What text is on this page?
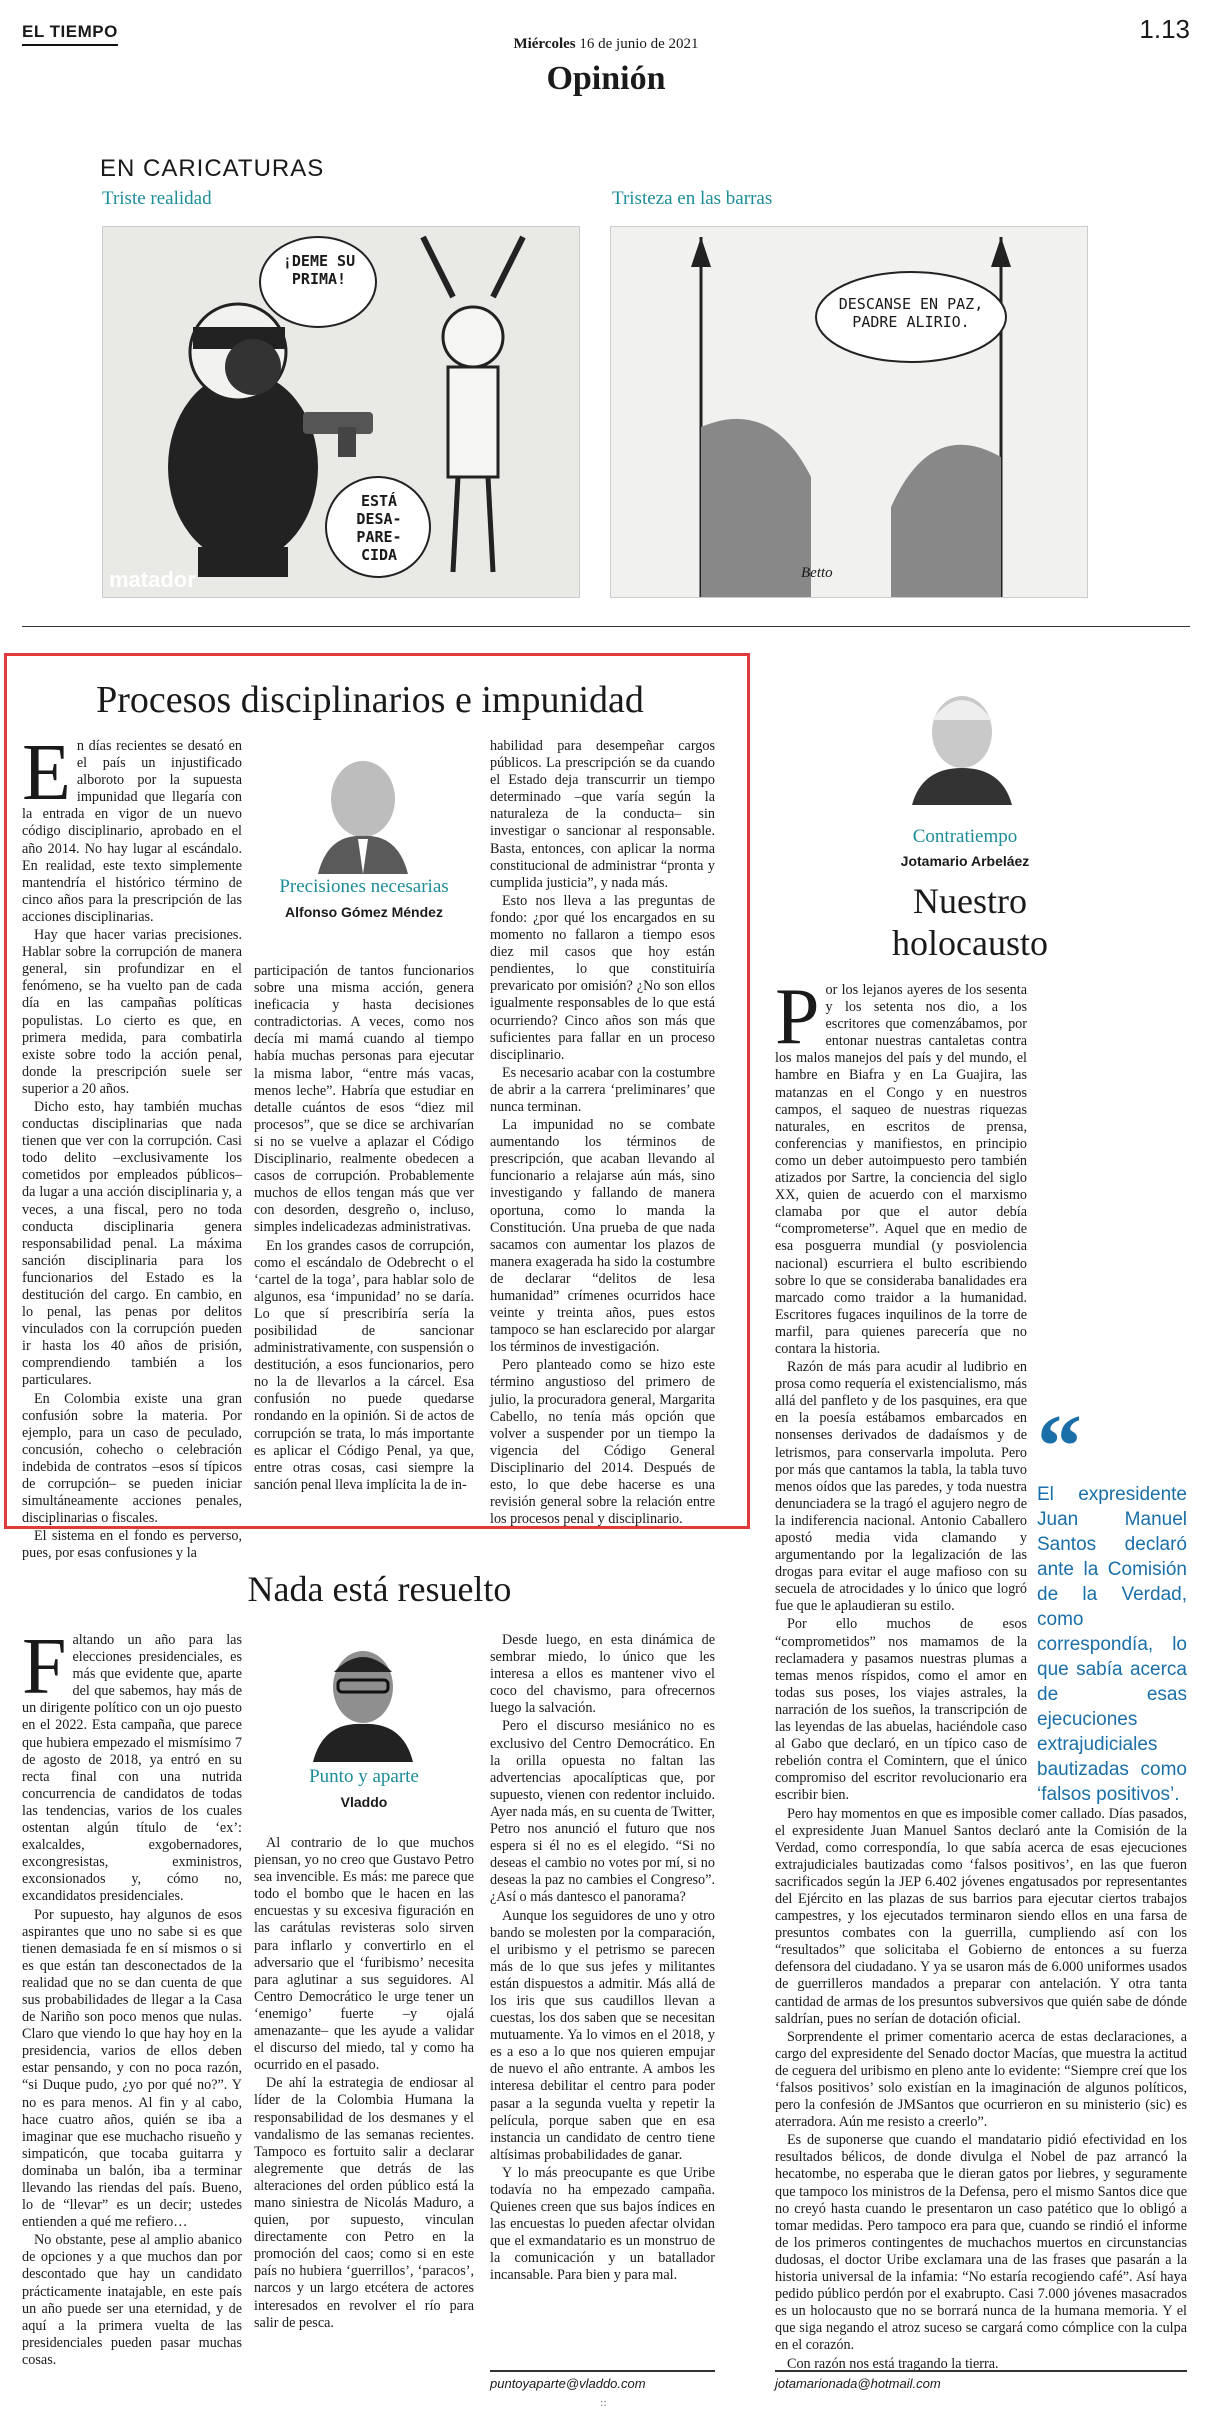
EL TIEMPO
Miércoles 16 de junio de 2021	1.13
Opinión
EN CARICATURAS
Triste realidad	Tristeza en las barras
¡DEME SU PRIMA!
ESTÁ DESA-PARE-CIDA
matador
DESCANSE EN PAZ, PADRE ALIRIO.
Betto
Procesos disciplinarios e impunidad

En días recientes se desató en el país un injustificado alboroto por la supuesta impunidad que llegaría con la entrada en vigor de un nuevo código disciplinario, aprobado en el año 2014. No hay lugar al escándalo. En realidad, este texto simplemente mantendría el histórico término de cinco años para la prescripción de las acciones disciplinarias.

Hay que hacer varias precisiones. Hablar sobre la corrupción de manera general, sin profundizar en el fenómeno, se ha vuelto pan de cada día en las campañas políticas populistas. Lo cierto es que, en primera medida, para combatirla existe sobre todo la acción penal, donde la prescripción suele ser superior a 20 años.

Dicho esto, hay también muchas conductas disciplinarias que nada tienen que ver con la corrupción. Casi todo delito –exclusivamente los cometidos por empleados públicos– da lugar a una acción disciplinaria y, a veces, a una fiscal, pero no toda conducta disciplinaria genera responsabilidad penal. La máxima sanción disciplinaria para los funcionarios del Estado es la destitución del cargo. En cambio, en lo penal, las penas por delitos vinculados con la corrupción pueden ir hasta los 40 años de prisión, comprendiendo también a los particulares.

En Colombia existe una gran confusión sobre la materia. Por ejemplo, para un caso de peculado, concusión, cohecho o celebración indebida de contratos –esos sí típicos de corrupción– se pueden iniciar simultáneamente acciones penales, disciplinarias o fiscales.

El sistema en el fondo es perverso, pues, por esas confusiones y la

Precisiones necesarias
Alfonso Gómez Méndez

participación de tantos funcionarios sobre una misma acción, genera ineficacia y hasta decisiones contradictorias. A veces, como nos decía mi mamá cuando al tiempo había muchas personas para ejecutar la misma labor, “entre más vacas, menos leche”. Habría que estudiar en detalle cuántos de esos “diez mil procesos”, que se dice se archivarían si no se vuelve a aplazar el Código Disciplinario, realmente obedecen a casos de corrupción. Probablemente muchos de ellos tengan más que ver con desorden, desgreño o, incluso, simples indelicadezas administrativas.

En los grandes casos de corrupción, como el escándalo de Odebrecht o el ‘cartel de la toga’, para hablar solo de algunos, esa ‘impunidad’ no se daría. Lo que sí prescribiría sería la posibilidad de sancionar administrativamente, con suspensión o destitución, a esos funcionarios, pero no la de llevarlos a la cárcel. Esa confusión no puede quedarse rondando en la opinión. Si de actos de corrupción se trata, lo más importante es aplicar el Código Penal, ya que, entre otras cosas, casi siempre la sanción penal lleva implícita la de in-

habilidad para desempeñar cargos públicos. La prescripción se da cuando el Estado deja transcurrir un tiempo determinado –que varía según la naturaleza de la conducta– sin investigar o sancionar al responsable. Basta, entonces, con aplicar la norma constitucional de administrar “pronta y cumplida justicia”, y nada más.

Esto nos lleva a las preguntas de fondo: ¿por qué los encargados en su momento no fallaron a tiempo esos diez mil casos que hoy están pendientes, lo que constituiría prevaricato por omisión? ¿No son ellos igualmente responsables de lo que está ocurriendo? Cinco años son más que suficientes para fallar en un proceso disciplinario.

Es necesario acabar con la costumbre de abrir a la carrera ‘preliminares’ que nunca terminan.

La impunidad no se combate aumentando los términos de prescripción, que acaban llevando al funcionario a relajarse aún más, sino investigando y fallando de manera oportuna, como lo manda la Constitución. Una prueba de que nada sacamos con aumentar los plazos de manera exagerada ha sido la costumbre de declarar “delitos de lesa humanidad” crímenes ocurridos hace veinte y treinta años, pues estos tampoco se han esclarecido por alargar los términos de investigación.

Pero planteado como se hizo este término angustioso del primero de julio, la procuradora general, Margarita Cabello, no tenía más opción que volver a suspender por un tiempo la vigencia del Código General Disciplinario del 2014. Después de esto, lo que debe hacerse es una revisión general sobre la relación entre los procesos penal y disciplinario.

Nada está resuelto

Faltando un año para las elecciones presidenciales, es más que evidente que, aparte del que sabemos, hay más de un dirigente político con un ojo puesto en el 2022. Esta campaña, que parece que hubiera empezado el mismísimo 7 de agosto de 2018, ya entró en su recta final con una nutrida concurrencia de candidatos de todas las tendencias, varios de los cuales ostentan algún título de ‘ex’: exalcaldes, exgobernadores, excongresistas, exministros, exconsionados y, cómo no, excandidatos presidenciales.

Por supuesto, hay algunos de esos aspirantes que uno no sabe si es que tienen demasiada fe en sí mismos o si es que están tan desconectados de la realidad que no se dan cuenta de que sus probabilidades de llegar a la Casa de Nariño son poco menos que nulas. Claro que viendo lo que hay hoy en la presidencia, varios de ellos deben estar pensando, y con no poca razón, “si Duque pudo, ¿yo por qué no?”. Y no es para menos. Al fin y al cabo, hace cuatro años, quién se iba a imaginar que ese muchacho risueño y simpaticón, que tocaba guitarra y dominaba un balón, iba a terminar llevando las riendas del país. Bueno, lo de “llevar” es un decir; ustedes entienden a qué me refiero…

No obstante, pese al amplio abanico de opciones y a que muchos dan por descontado que hay un candidato prácticamente inatajable, en este país un año puede ser una eternidad, y de aquí a la primera vuelta de las presidenciales pueden pasar muchas cosas.

Punto y aparte
Vladdo

Al contrario de lo que muchos piensan, yo no creo que Gustavo Petro sea invencible. Es más: me parece que todo el bombo que le hacen en las encuestas y su excesiva figuración en las carátulas revisteras solo sirven para inflarlo y convertirlo en el adversario que el ‘furibismo’ necesita para aglutinar a sus seguidores. Al Centro Democrático le urge tener un ‘enemigo’ fuerte –y ojalá amenazante– que les ayude a validar el discurso del miedo, tal y como ha ocurrido en el pasado.

De ahí la estrategia de endiosar al líder de la Colombia Humana la responsabilidad de los desmanes y el vandalismo de las semanas recientes. Tampoco es fortuito salir a declarar alegremente que detrás de las alteraciones del orden público está la mano siniestra de Nicolás Maduro, a quien, por supuesto, vinculan directamente con Petro en la promoción del caos; como si en este país no hubiera ‘guerrillos’, ‘paracos’, narcos y un largo etcétera de actores interesados en revolver el río para salir de pesca.

Desde luego, en esta dinámica de sembrar miedo, lo único que les interesa a ellos es mantener vivo el coco del chavismo, para ofrecernos luego la salvación.

Pero el discurso mesiánico no es exclusivo del Centro Democrático. En la orilla opuesta no faltan las advertencias apocalípticas que, por supuesto, vienen con redentor incluido. Ayer nada más, en su cuenta de Twitter, Petro nos anunció el futuro que nos espera si él no es el elegido. “Si no deseas el cambio no votes por mí, si no deseas la paz no cambies el Congreso”. ¿Así o más dantesco el panorama?

Aunque los seguidores de uno y otro bando se molesten por la comparación, el uribismo y el petrismo se parecen más de lo que sus jefes y militantes están dispuestos a admitir. Más allá de los iris que sus caudillos llevan a cuestas, los dos saben que se necesitan mutuamente. Ya lo vimos en el 2018, y es a eso a lo que nos quieren empujar de nuevo el año entrante. A ambos les interesa debilitar el centro para poder pasar a la segunda vuelta y repetir la película, porque saben que en esa instancia un candidato de centro tiene altísimas probabilidades de ganar.

Y lo más preocupante es que Uribe todavía no ha empezado campaña. Quienes creen que sus bajos índices en las encuestas lo pueden afectar olvidan que el exmandatario es un monstruo de la comunicación y un batallador incansable. Para bien y para mal.

puntoyaparte@vladdo.com
Contratiempo
Jotamario Arbeláez
Nuestro
holocausto
“
El expresidente Juan Manuel Santos declaró ante la Comisión de la Verdad, como correspondía, lo que sabía acerca de esas ejecuciones extrajudiciales bautizadas como ‘falsos positivos’.

Por los lejanos ayeres de los sesenta y los setenta nos dio, a los escritores que comenzábamos, por entonar nuestras cantaletas contra los malos manejos del país y del mundo, el hambre en Biafra y en La Guajira, las matanzas en el Congo y en nuestros campos, el saqueo de nuestras riquezas naturales, en escritos de prensa, conferencias y manifiestos, en principio como un deber autoimpuesto pero también atizados por Sartre, la conciencia del siglo XX, quien de acuerdo con el marxismo clamaba por que el autor debía “comprometerse”. Aquel que en medio de esa posguerra mundial (y posviolencia nacional) escurriera el bulto escribiendo sobre lo que se consideraba banalidades era marcado como traidor a la humanidad. Escritores fugaces inquilinos de la torre de marfil, para quienes parecería que no contara la historia.

Razón de más para acudir al ludibrio en prosa como requería el existencialismo, más allá del panfleto y de los pasquines, era que en la poesía estábamos embarcados en nonsenses derivados de dadaísmos y de letrismos, para conservarla impoluta. Pero por más que cantamos la tabla, la tabla tuvo menos oídos que las paredes, y toda nuestra denunciadera se la tragó el agujero negro de la indiferencia nacional. Antonio Caballero apostó media vida clamando y argumentando por la legalización de las drogas para evitar el auge mafioso con su secuela de atrocidades y lo único que logró fue que le aplaudieran su estilo.

Por ello muchos de esos “comprometidos” nos mamamos de la reclamadera y pasamos nuestras plumas a temas menos ríspidos, como el amor en todas sus poses, los viajes astrales, la narración de los sueños, la transcripción de las leyendas de las abuelas, haciéndole caso al Gabo que declaró, en un típico caso de rebelión contra el Comintern, que el único compromiso del escritor revolucionario era escribir bien.

Pero hay momentos en que es imposible comer callado. Días pasados, el expresidente Juan Manuel Santos declaró ante la Comisión de la Verdad, como correspondía, lo que sabía acerca de esas ejecuciones extrajudiciales bautizadas como ‘falsos positivos’, en las que fueron sacrificados según la JEP 6.402 jóvenes engatusados por representantes del Ejército en las plazas de sus barrios para ejecutar ciertos trabajos campestres, y los ejecutados terminaron siendo ellos en una farsa de presuntos combates con la guerrilla, cumpliendo así con los “resultados” que solicitaba el Gobierno de entonces a su fuerza defensora del ciudadano. Y ya se usaron más de 6.000 uniformes usados de guerrilleros mandados a preparar con antelación. Y otra tanta cantidad de armas de los presuntos subversivos que quién sabe de dónde saldrían, pues no serían de dotación oficial.

Sorprendente el primer comentario acerca de estas declaraciones, a cargo del expresidente del Senado doctor Macías, que muestra la actitud de ceguera del uribismo en pleno ante lo evidente: “Siempre creí que los ‘falsos positivos’ solo existían en la imaginación de algunos políticos, pero la confesión de JMSantos que ocurrieron en su ministerio (sic) es aterradora. Aún me resisto a creerlo”.

Es de suponerse que cuando el mandatario pidió efectividad en los resultados bélicos, de donde divulga el Nobel de paz arrancó la hecatombe, no esperaba que le dieran gatos por liebres, y seguramente que tampoco los ministros de la Defensa, pero el mismo Santos dice que no creyó hasta cuando le presentaron un caso patético que lo obligó a tomar medidas. Pero tampoco era para que, cuando se rindió el informe de los primeros contingentes de muchachos muertos en circunstancias dudosas, el doctor Uribe exclamara una de las frases que pasarán a la historia universal de la infamia: “No estaría recogiendo café”. Así haya pedido público perdón por el exabrupto. Casi 7.000 jóvenes masacrados es un holocausto que no se borrará nunca de la humana memoria. Y el que siga negando el atroz suceso se cargará como cómplice con la culpa en el corazón.

Con razón nos está tragando la tierra.

jotamarionada@hotmail.com
::
